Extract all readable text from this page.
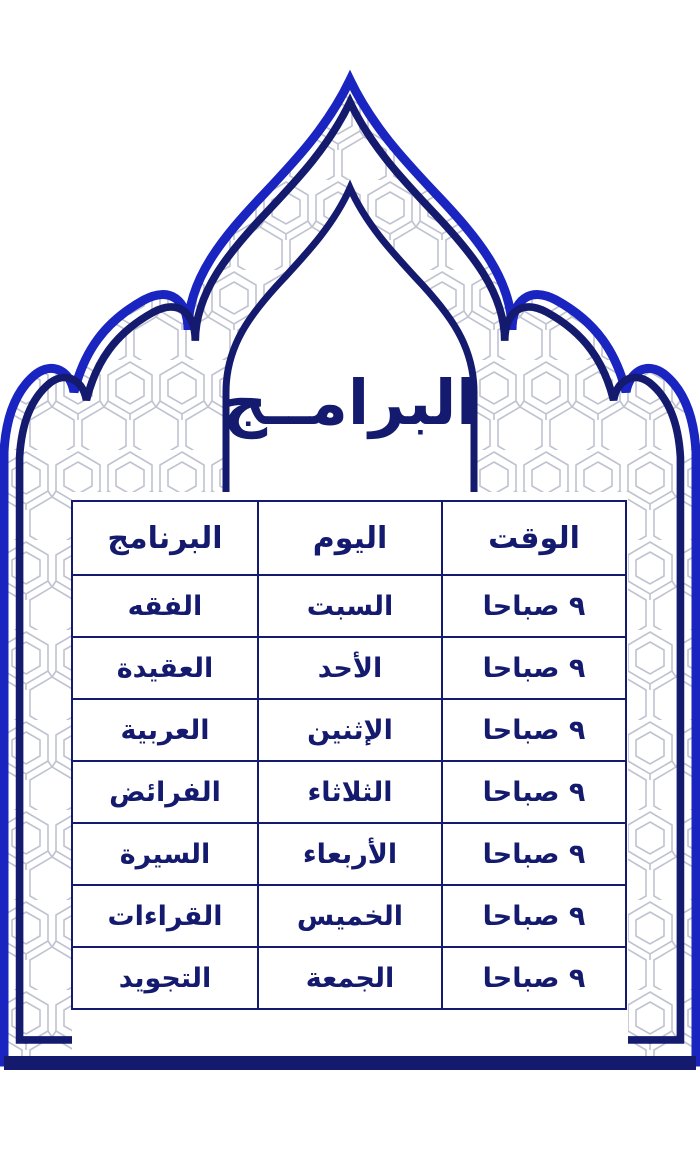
البرامــج
الوقت	اليوم	البرنامج
٩ صباحا	السبت	الفقه
٩ صباحا	الأحد	العقيدة
٩ صباحا	الإثنين	العربية
٩ صباحا	الثلاثاء	الفرائض
٩ صباحا	الأربعاء	السيرة
٩ صباحا	الخميس	القراءات
٩ صباحا	الجمعة	التجويد
